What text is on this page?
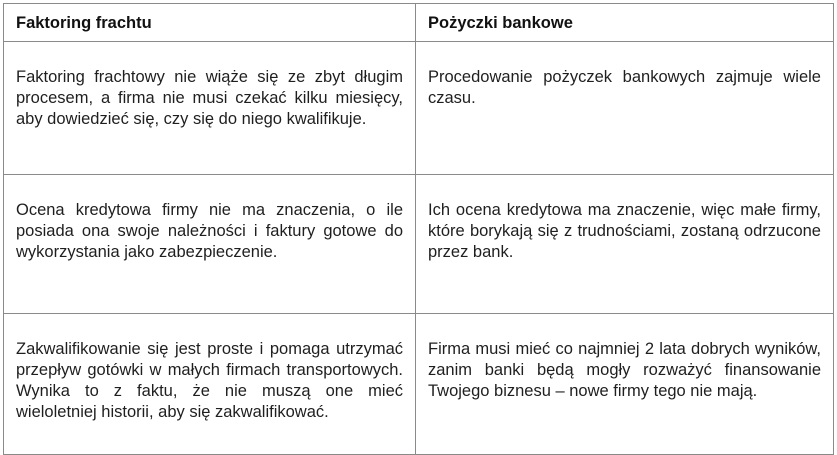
Faktoring frachtu	Pożyczki bankowe
Faktoring frachtowy nie wiąże się ze zbyt długim procesem, a firma nie musi czekać kilku miesięcy, aby dowiedzieć się, czy się do niego kwalifikuje.	Procedowanie pożyczek bankowych zajmuje wiele czasu.
Ocena kredytowa firmy nie ma znaczenia, o ile posiada ona swoje należności i faktury gotowe do wykorzystania jako zabezpieczenie.	Ich ocena kredytowa ma znaczenie, więc małe firmy, które borykają się z trudnościami, zostaną odrzucone przez bank.
Zakwalifikowanie się jest proste i pomaga utrzymać przepływ gotówki w małych firmach transportowych. Wynika to z faktu, że nie muszą one mieć wieloletniej historii, aby się zakwalifikować.	Firma musi mieć co najmniej 2 lata dobrych wyników, zanim banki będą mogły rozważyć finansowanie Twojego biznesu – nowe firmy tego nie mają.
